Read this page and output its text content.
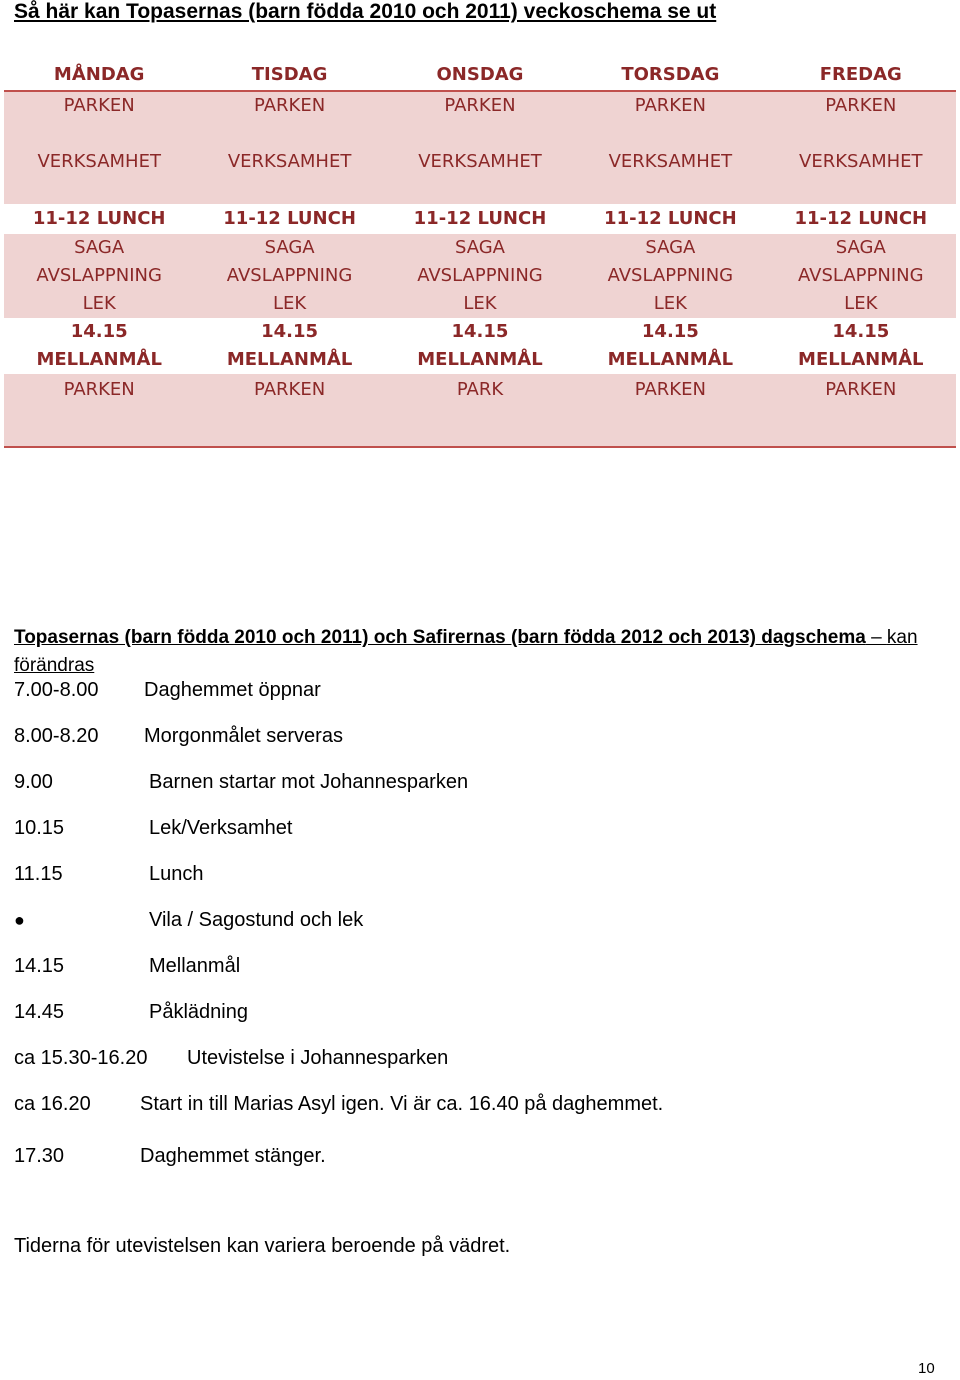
Så här kan Topasernas (barn födda 2010 och 2011) veckoschema se ut
MÅNDAG	TISDAG	ONSDAG	TORSDAG	FREDAG
PARKEN	PARKEN	PARKEN	PARKEN	PARKEN
VERKSAMHET	VERKSAMHET	VERKSAMHET	VERKSAMHET	VERKSAMHET
11-12 LUNCH	11-12 LUNCH	11-12 LUNCH	11-12 LUNCH	11-12 LUNCH
SAGA	SAGA	SAGA	SAGA	SAGA
AVSLAPPNING	AVSLAPPNING	AVSLAPPNING	AVSLAPPNING	AVSLAPPNING
LEK	LEK	LEK	LEK	LEK
14.15	14.15	14.15	14.15	14.15
MELLANMÅL	MELLANMÅL	MELLANMÅL	MELLANMÅL	MELLANMÅL
PARKEN	PARKEN	PARK	PARKEN	PARKEN
Topasernas (barn födda 2010 och 2011) och Safirernas (barn födda 2012 och 2013) dagschema – kan förändras
7.00-8.00 Daghemmet öppnar
8.00-8.20 Morgonmålet serveras
9.00	Barnen startar mot Johannesparken
10.15	Lek/Verksamhet
11.15	Lunch
●	Vila / Sagostund och lek
14.15	Mellanmål
14.45	Påklädning
ca 15.30-16.20 Utevistelse i Johannesparken
ca 16.20 Start in till Marias Asyl igen. Vi är ca. 16.40 på daghemmet.
17.30	Daghemmet stänger.
Tiderna för utevistelsen kan variera beroende på vädret.
10
